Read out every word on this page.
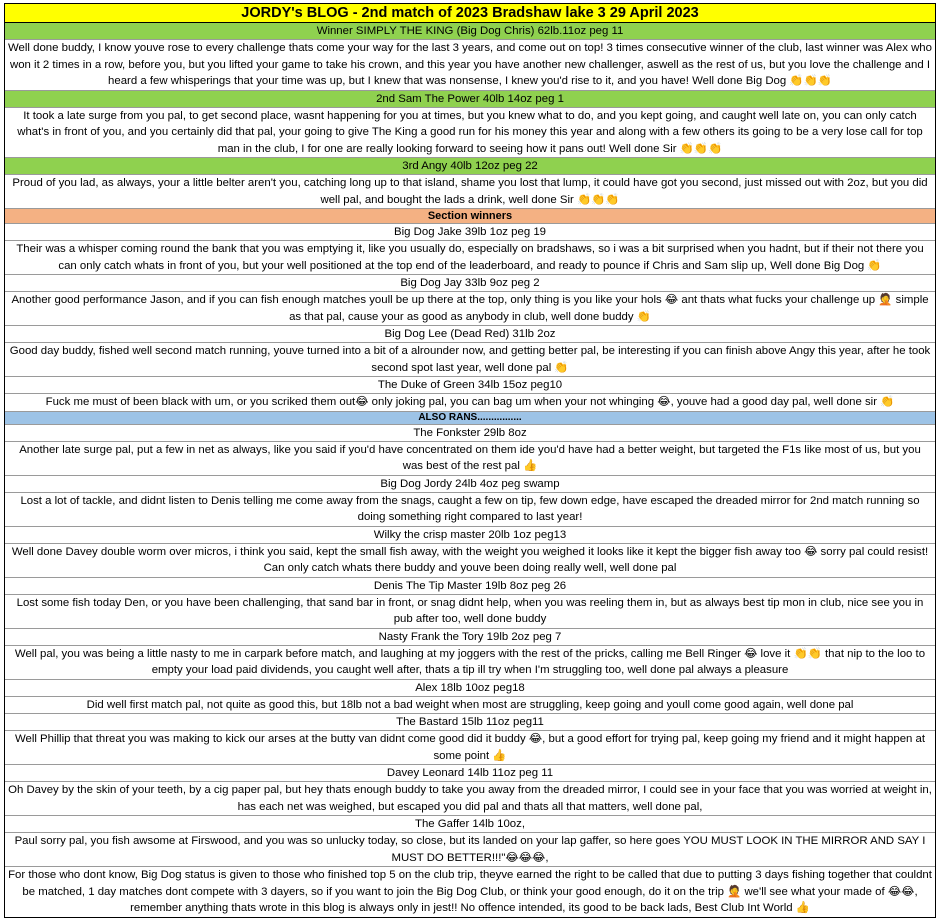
JORDY's BLOG - 2nd match of 2023 Bradshaw lake 3 29 April 2023
Winner SIMPLY THE KING (Big Dog Chris) 62lb.11oz peg 11
Well done buddy, I know youve rose to every challenge thats come your way for the last 3 years, and come out on top! 3 times consecutive winner of the club, last winner was Alex who won it 2 times in a row, before you, but you lifted your game to take his crown, and this year you have another new challenger, aswell as the rest of us, but you love the challenge and I heard a few whisperings that your time was up, but I knew that was nonsense, I knew you'd rise to it, and you have! Well done Big Dog 👏👏👏
2nd Sam The Power 40lb 14oz peg 1
It took a late surge from you pal, to get second place, wasnt happening for you at times, but you knew what to do, and you kept going, and caught well late on, you can only catch what's in front of you, and you certainly did that pal, your going to give The King a good run for his money this year and along with a few others its going to be a very lose call for top man in the club, I for one are really looking forward to seeing how it pans out! Well done Sir 👏👏👏
3rd Angy 40lb 12oz peg 22
Proud of you lad, as always, your a little belter aren't you, catching long up to that island, shame you lost that lump, it could have got you second, just missed out with 2oz, but you did well pal, and bought the lads a drink, well done Sir 👏👏👏
Section winners
Big Dog Jake 39lb 1oz peg 19
Their was a whisper coming round the bank that you was emptying it, like you usually do, especially on bradshaws, so i was a bit surprised when you hadnt, but if their not there you can only catch whats in front of you, but your well positioned at the top end of the leaderboard, and ready to pounce if Chris and Sam slip up, Well done Big Dog 👏
Big Dog Jay 33lb 9oz peg 2
Another good performance Jason, and if you can fish enough matches youll be up there at the top, only thing is you like your hols 😂 ant thats what fucks your challenge up 🤦 simple as that pal, cause your as good as anybody in club, well done buddy 👏
Big Dog Lee (Dead Red) 31lb 2oz
Good day buddy, fished well second match running, youve turned into a bit of a alrounder now, and getting better pal, be interesting if you can finish above Angy this year, after he took second spot last year, well done pal 👏
The Duke of Green 34lb 15oz peg10
Fuck me must of been black with um, or you scriked them out😂 only joking pal, you can bag um when your not whinging 😂, youve had a good day pal, well done sir 👏
ALSO RANS................
The Fonkster 29lb 8oz
Another late surge pal, put a few in net as always, like you said if you'd have concentrated on them ide you'd have had a better weight, but targeted the F1s like most of us, but you was best of the rest pal 👍
Big Dog Jordy 24lb 4oz peg swamp
Lost a lot of tackle, and didnt listen to Denis telling me come away from the snags, caught a few on tip, few down edge, have escaped the dreaded mirror for 2nd match running so doing something right compared to last year!
Wilky the crisp master 20lb 1oz peg13
Well done Davey double worm over micros, i think you said, kept the small fish away, with the weight you weighed it looks like it kept the bigger fish away too 😂 sorry pal could resist! Can only catch whats there buddy and youve been doing really well, well done pal
Denis The Tip Master 19lb 8oz peg 26
Lost some fish today Den, or you have been challenging, that sand bar in front, or snag didnt help, when you was reeling them in, but as always best tip mon in club, nice see you in pub after too, well done buddy
Nasty Frank the Tory 19lb 2oz peg 7
Well pal, you was being a little nasty to me in carpark before match, and laughing at my joggers with the rest of the pricks, calling me Bell Ringer 😂 love it 👏👏 that nip to the loo to empty your load paid dividends, you caught well after, thats a tip ill try when I'm struggling too, well done pal always a pleasure
Alex 18lb 10oz peg18
Did well first match pal, not quite as good this, but 18lb not a bad weight when most are struggling, keep going and youll come good again, well done pal
The Bastard 15lb 11oz peg11
Well Phillip that threat you was making to kick our arses at the butty van didnt come good did it buddy 😂, but a good effort for trying pal, keep going my friend and it might happen at some point 👍
Davey Leonard 14lb 11oz peg 11
Oh Davey by the skin of your teeth, by a cig paper pal, but hey thats enough buddy to take you away from the dreaded mirror, I could see in your face that you was worried at weight in, has each net was weighed, but escaped you did pal and thats all that matters, well done pal,
The Gaffer 14lb 10oz,
Paul sorry pal, you fish awsome at Firswood, and you was so unlucky today, so close, but its landed on your lap gaffer, so here goes YOU MUST LOOK IN THE MIRROR AND SAY I MUST DO BETTER!!!"😂😂😂,
For those who dont know, Big Dog status is given to those who finished top 5 on the club trip, theyve earned the right to be called that due to putting 3 days fishing together that couldnt be matched, 1 day matches dont compete with 3 dayers, so if you want to join the Big Dog Club, or think your good enough, do it on the trip 🤦 we'll see what your made of 😂😂, remember anything thats wrote in this blog is always only in jest!! No offence intended, its good to be back lads, Best Club Int World 👍
